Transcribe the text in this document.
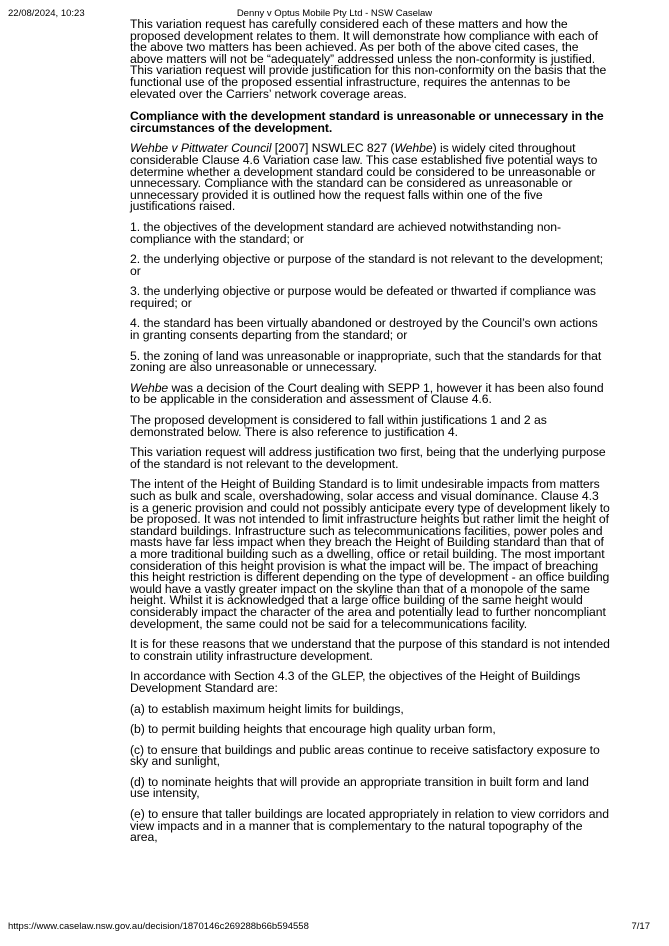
22/08/2024, 10:23	Denny v Optus Mobile Pty Ltd - NSW Caselaw

This variation request has carefully considered each of these matters and how the proposed development relates to them. It will demonstrate how compliance with each of the above two matters has been achieved. As per both of the above cited cases, the above matters will not be “adequately” addressed unless the non-conformity is justified. This variation request will provide justification for this non-conformity on the basis that the functional use of the proposed essential infrastructure, requires the antennas to be elevated over the Carriers’ network coverage areas.

Compliance with the development standard is unreasonable or unnecessary in the circumstances of the development.

Wehbe v Pittwater Council [2007] NSWLEC 827 (Wehbe) is widely cited throughout considerable Clause 4.6 Variation case law. This case established five potential ways to determine whether a development standard could be considered to be unreasonable or unnecessary. Compliance with the standard can be considered as unreasonable or unnecessary provided it is outlined how the request falls within one of the five justifications raised.

1. the objectives of the development standard are achieved notwithstanding non-compliance with the standard; or

2. the underlying objective or purpose of the standard is not relevant to the development; or

3. the underlying objective or purpose would be defeated or thwarted if compliance was required; or

4. the standard has been virtually abandoned or destroyed by the Council’s own actions in granting consents departing from the standard; or

5. the zoning of land was unreasonable or inappropriate, such that the standards for that zoning are also unreasonable or unnecessary.

Wehbe was a decision of the Court dealing with SEPP 1, however it has been also found to be applicable in the consideration and assessment of Clause 4.6.

The proposed development is considered to fall within justifications 1 and 2 as demonstrated below. There is also reference to justification 4.

This variation request will address justification two first, being that the underlying purpose of the standard is not relevant to the development.

The intent of the Height of Building Standard is to limit undesirable impacts from matters such as bulk and scale, overshadowing, solar access and visual dominance. Clause 4.3 is a generic provision and could not possibly anticipate every type of development likely to be proposed. It was not intended to limit infrastructure heights but rather limit the height of standard buildings. Infrastructure such as telecommunications facilities, power poles and masts have far less impact when they breach the Height of Building standard than that of a more traditional building such as a dwelling, office or retail building. The most important consideration of this height provision is what the impact will be. The impact of breaching this height restriction is different depending on the type of development - an office building would have a vastly greater impact on the skyline than that of a monopole of the same height. Whilst it is acknowledged that a large office building of the same height would considerably impact the character of the area and potentially lead to further noncompliant development, the same could not be said for a telecommunications facility.

It is for these reasons that we understand that the purpose of this standard is not intended to constrain utility infrastructure development.

In accordance with Section 4.3 of the GLEP, the objectives of the Height of Buildings Development Standard are:

(a) to establish maximum height limits for buildings,

(b) to permit building heights that encourage high quality urban form,

(c) to ensure that buildings and public areas continue to receive satisfactory exposure to sky and sunlight,

(d) to nominate heights that will provide an appropriate transition in built form and land use intensity,

(e) to ensure that taller buildings are located appropriately in relation to view corridors and view impacts and in a manner that is complementary to the natural topography of the area,

https://www.caselaw.nsw.gov.au/decision/1870146c269288b66b594558	7/17
